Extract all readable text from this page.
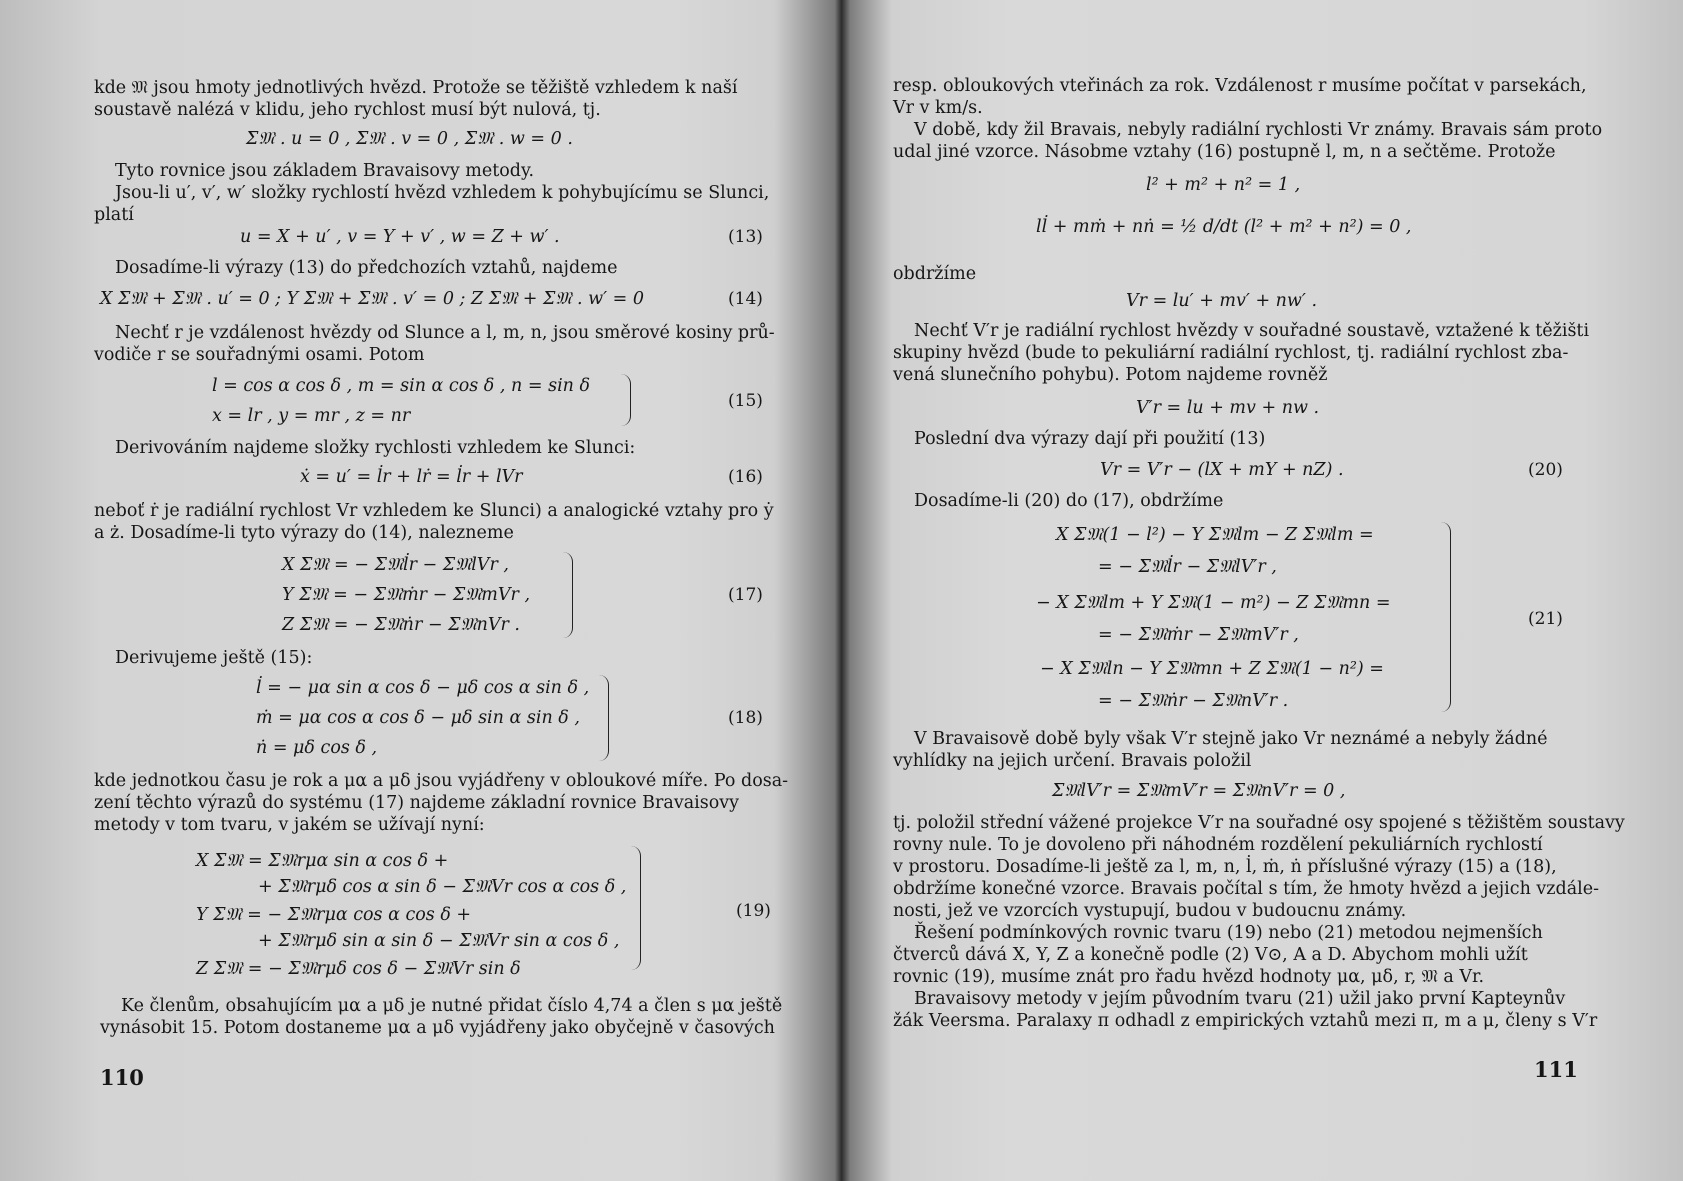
kde 𝔐 jsou hmoty jednotlivých hvězd. Protože se těžiště vzhledem k naší
soustavě nalézá v klidu, jeho rychlost musí být nulová, tj.
Σ𝔐 . u = 0 , Σ𝔐 . v = 0 , Σ𝔐 . w = 0 .
Tyto rovnice jsou základem Bravaisovy metody.
Jsou-li u′, v′, w′ složky rychlostí hvězd vzhledem k pohybujícímu se Slunci,
platí
u = X + u′ , v = Y + v′ , w = Z + w′ .	(13)
Dosadíme-li výrazy (13) do předchozích vztahů, najdeme
X Σ𝔐 + Σ𝔐 . u′ = 0 ; Y Σ𝔐 + Σ𝔐 . v′ = 0 ; Z Σ𝔐 + Σ𝔐 . w′ = 0	(14)
Nechť r je vzdálenost hvězdy od Slunce a l, m, n, jsou směrové kosiny prů-
vodiče r se souřadnými osami. Potom
l = cos α cos δ , m = sin α cos δ , n = sin δ
x = lr , y = mr , z = nr
(15)
Derivováním najdeme složky rychlosti vzhledem ke Slunci:
ẋ = u′ = l̇r + lṙ = l̇r + lVr	(16)
neboť ṙ je radiální rychlost Vr vzhledem ke Slunci) a analogické vztahy pro ẏ
a ż. Dosadíme-li tyto výrazy do (14), nalezneme
X Σ𝔐 = − Σ𝔐l̇r − Σ𝔐lVr ,
Y Σ𝔐 = − Σ𝔐ṁr − Σ𝔐mVr ,
Z Σ𝔐 = − Σ𝔐ṅr − Σ𝔐nVr .
(17)
Derivujeme ještě (15):
l̇ = − μα sin α cos δ − μδ cos α sin δ ,
ṁ = μα cos α cos δ − μδ sin α sin δ ,
ṅ = μδ cos δ ,
(18)
kde jednotkou času je rok a μα a μδ jsou vyjádřeny v obloukové míře. Po dosa-
zení těchto výrazů do systému (17) najdeme základní rovnice Bravaisovy
metody v tom tvaru, v jakém se užívají nyní:
X Σ𝔐 = Σ𝔐rμα sin α cos δ +
+ Σ𝔐rμδ cos α sin δ − Σ𝔐Vr cos α cos δ ,
Y Σ𝔐 = − Σ𝔐rμα cos α cos δ +
+ Σ𝔐rμδ sin α sin δ − Σ𝔐Vr sin α cos δ ,
Z Σ𝔐 = − Σ𝔐rμδ cos δ − Σ𝔐Vr sin δ
(19)
Ke členům, obsahujícím μα a μδ je nutné přidat číslo 4,74 a člen s μα ještě
vynásobit 15. Potom dostaneme μα a μδ vyjádřeny jako obyčejně v časových
110
resp. obloukových vteřinách za rok. Vzdálenost r musíme počítat v parsekách,
Vr v km/s.
V době, kdy žil Bravais, nebyly radiální rychlosti Vr známy. Bravais sám proto
udal jiné vzorce. Násobme vztahy (16) postupně l, m, n a sečtěme. Protože
l² + m² + n² = 1 ,
ll̇ + mṁ + nṅ = ½ d/dt (l² + m² + n²) = 0 ,
obdržíme
Vr = lu′ + mv′ + nw′ .
Nechť V′r je radiální rychlost hvězdy v souřadné soustavě, vztažené k těžišti
skupiny hvězd (bude to pekuliární radiální rychlost, tj. radiální rychlost zba-
vená slunečního pohybu). Potom najdeme rovněž
V′r = lu + mv + nw .
Poslední dva výrazy dají při použití (13)
Vr = V′r − (lX + mY + nZ) .	(20)
Dosadíme-li (20) do (17), obdržíme
X Σ𝔐(1 − l²) − Y Σ𝔐lm − Z Σ𝔐lm =
= − Σ𝔐l̇r − Σ𝔐lV′r ,
− X Σ𝔐lm + Y Σ𝔐(1 − m²) − Z Σ𝔐mn =
= − Σ𝔐ṁr − Σ𝔐mV′r ,
− X Σ𝔐ln − Y Σ𝔐mn + Z Σ𝔐(1 − n²) =
= − Σ𝔐ṅr − Σ𝔐nV′r .
(21)
V Bravaisově době byly však V′r stejně jako Vr neznámé a nebyly žádné
vyhlídky na jejich určení. Bravais položil
Σ𝔐lV′r = Σ𝔐mV′r = Σ𝔐nV′r = 0 ,
tj. položil střední vážené projekce V′r na souřadné osy spojené s těžištěm soustavy
rovny nule. To je dovoleno při náhodném rozdělení pekuliárních rychlostí
v prostoru. Dosadíme-li ještě za l, m, n, l̇, ṁ, ṅ příslušné výrazy (15) a (18),
obdržíme konečné vzorce. Bravais počítal s tím, že hmoty hvězd a jejich vzdále-
nosti, jež ve vzorcích vystupují, budou v budoucnu známy.
Řešení podmínkových rovnic tvaru (19) nebo (21) metodou nejmenších
čtverců dává X, Y, Z a konečně podle (2) V⊙, A a D. Abychom mohli užít
rovnic (19), musíme znát pro řadu hvězd hodnoty μα, μδ, r, 𝔐 a Vr.
Bravaisovy metody v jejím původním tvaru (21) užil jako první Kapteynův
žák Veersma. Paralaxy π odhadl z empirických vztahů mezi π, m a μ, členy s V′r
111
